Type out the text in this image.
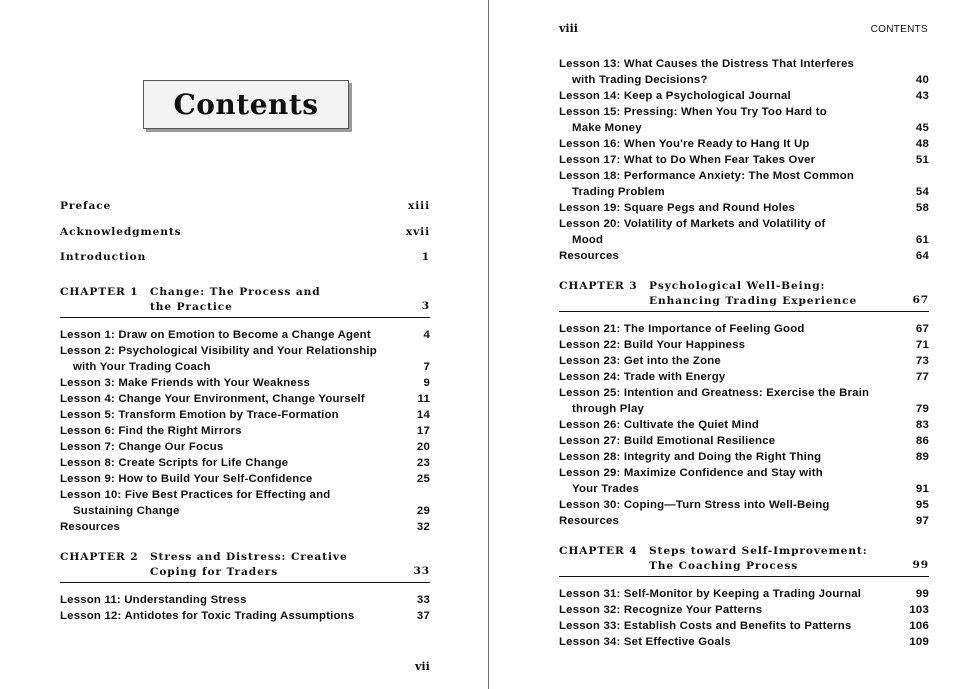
Contents
Preface	xiii
Acknowledgments	xvii
Introduction	1
CHAPTER 1 Change: The Process and
the Practice	3
Lesson 1: Draw on Emotion to Become a Change Agent	4
Lesson 2: Psychological Visibility and Your Relationship
with Your Trading Coach	7
Lesson 3: Make Friends with Your Weakness	9
Lesson 4: Change Your Environment, Change Yourself	11
Lesson 5: Transform Emotion by Trace-Formation	14
Lesson 6: Find the Right Mirrors	17
Lesson 7: Change Our Focus	20
Lesson 8: Create Scripts for Life Change	23
Lesson 9: How to Build Your Self-Confidence	25
Lesson 10: Five Best Practices for Effecting and
Sustaining Change	29
Resources	32
CHAPTER 2 Stress and Distress: Creative
Coping for Traders	33
Lesson 11: Understanding Stress	33
Lesson 12: Antidotes for Toxic Trading Assumptions	37
vii
viii	CONTENTS
Lesson 13: What Causes the Distress That Interferes
with Trading Decisions?	40
Lesson 14: Keep a Psychological Journal	43
Lesson 15: Pressing: When You Try Too Hard to
Make Money	45
Lesson 16: When You're Ready to Hang It Up	48
Lesson 17: What to Do When Fear Takes Over	51
Lesson 18: Performance Anxiety: The Most Common
Trading Problem	54
Lesson 19: Square Pegs and Round Holes	58
Lesson 20: Volatility of Markets and Volatility of
Mood	61
Resources	64
CHAPTER 3 Psychological Well-Being:
Enhancing Trading Experience	67
Lesson 21: The Importance of Feeling Good	67
Lesson 22: Build Your Happiness	71
Lesson 23: Get into the Zone	73
Lesson 24: Trade with Energy	77
Lesson 25: Intention and Greatness: Exercise the Brain
through Play	79
Lesson 26: Cultivate the Quiet Mind	83
Lesson 27: Build Emotional Resilience	86
Lesson 28: Integrity and Doing the Right Thing	89
Lesson 29: Maximize Confidence and Stay with
Your Trades	91
Lesson 30: Coping—Turn Stress into Well-Being	95
Resources	97
CHAPTER 4 Steps toward Self-Improvement:
The Coaching Process	99
Lesson 31: Self-Monitor by Keeping a Trading Journal	99
Lesson 32: Recognize Your Patterns	103
Lesson 33: Establish Costs and Benefits to Patterns	106
Lesson 34: Set Effective Goals	109
